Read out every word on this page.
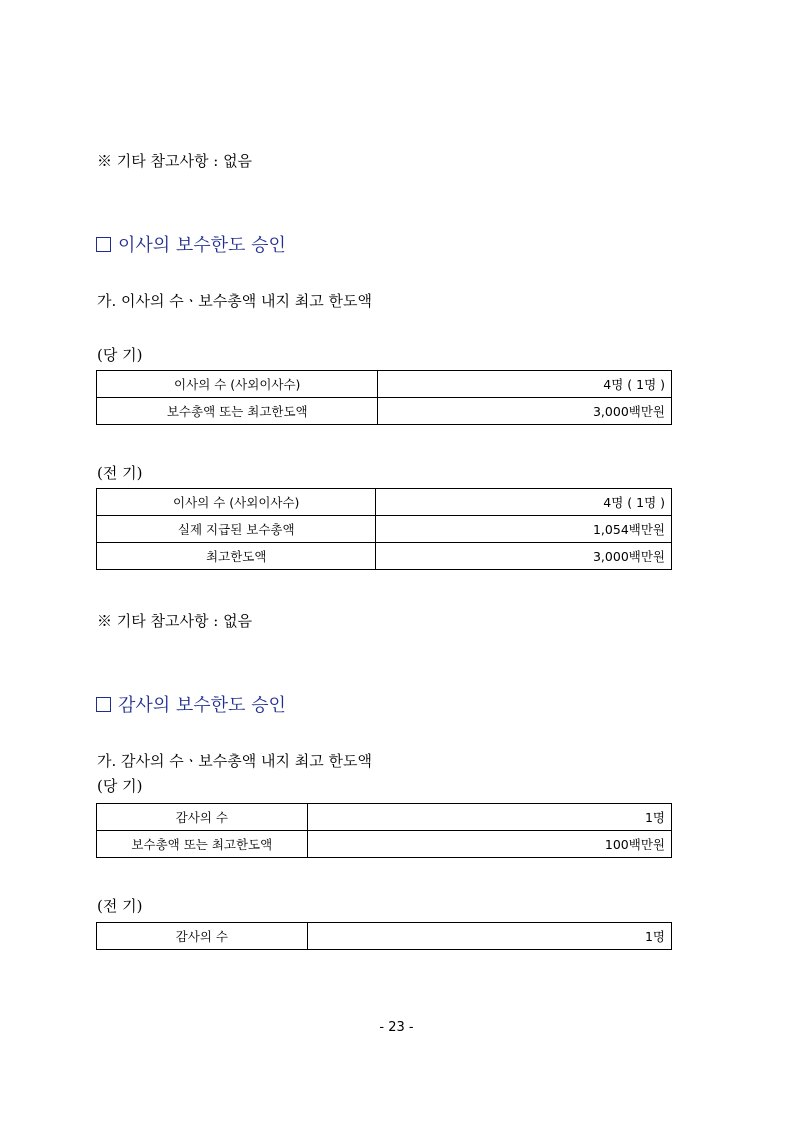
※ 기타 참고사항 : 없음
이사의 보수한도 승인
가. 이사의 수ㆍ보수총액 내지 최고 한도액
(당 기)
이사의 수 (사외이사수)	4명 ( 1명 )
보수총액 또는 최고한도액	3,000백만원
(전 기)
이사의 수 (사외이사수)	4명 ( 1명 )
실제 지급된 보수총액	1,054백만원
최고한도액	3,000백만원
※ 기타 참고사항 : 없음
감사의 보수한도 승인
가. 감사의 수ㆍ보수총액 내지 최고 한도액
(당 기)
감사의 수	1명
보수총액 또는 최고한도액	100백만원
(전 기)
감사의 수	1명
- 23 -
